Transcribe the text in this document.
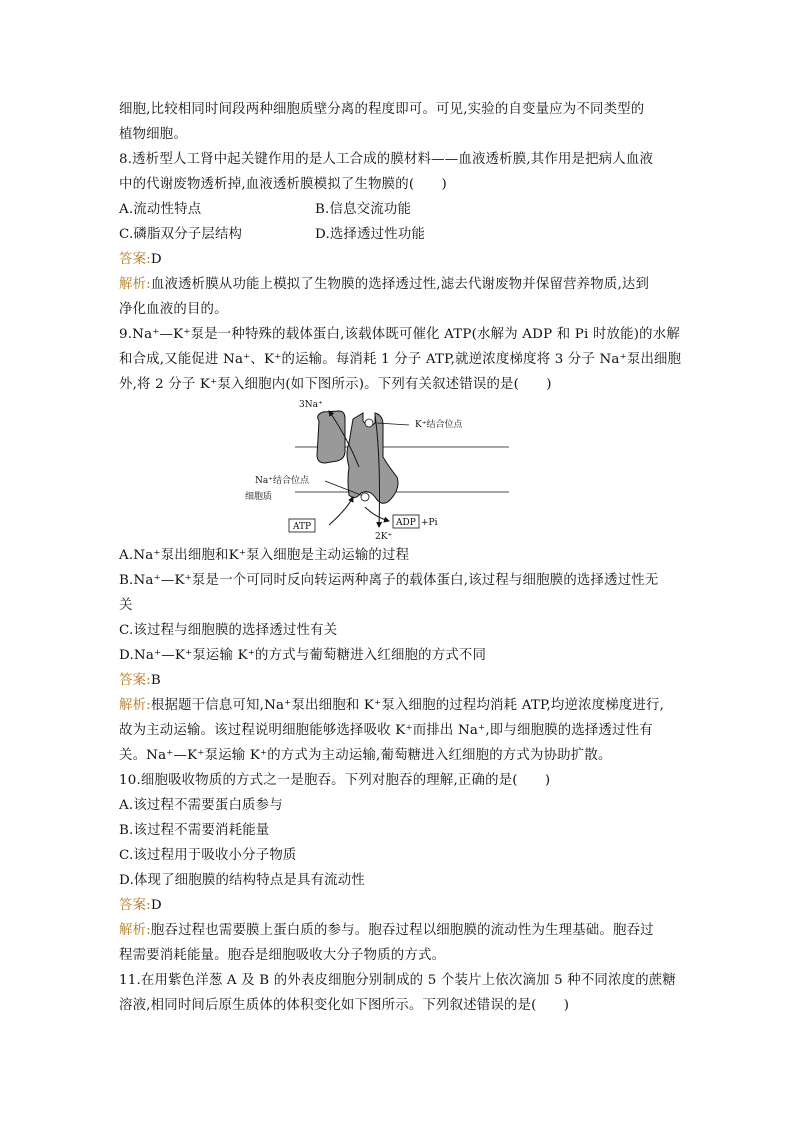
细胞,比较相同时间段两种细胞质壁分离的程度即可。可见,实验的自变量应为不同类型的
植物细胞。
8.透析型人工肾中起关键作用的是人工合成的膜材料——血液透析膜,其作用是把病人血液
中的代谢废物透析掉,血液透析膜模拟了生物膜的(　　)
A.流动性特点	B.信息交流功能
C.磷脂双分子层结构	D.选择透过性功能
答案:D
解析:血液透析膜从功能上模拟了生物膜的选择透过性,滤去代谢废物并保留营养物质,达到
净化血液的目的。
9.Na⁺—K⁺泵是一种特殊的载体蛋白,该载体既可催化 ATP(水解为 ADP 和 Pi 时放能)的水解
和合成,又能促进 Na⁺、K⁺的运输。每消耗 1 分子 ATP,就逆浓度梯度将 3 分子 Na⁺泵出细胞
外,将 2 分子 K⁺泵入细胞内(如下图所示)。下列有关叙述错误的是(　　)
3Na⁺
K⁺结合位点
Na⁺结合位点
细胞质
ATP	ADP +Pi
2K⁺
A.Na⁺泵出细胞和K⁺泵入细胞是主动运输的过程
B.Na⁺—K⁺泵是一个可同时反向转运两种离子的载体蛋白,该过程与细胞膜的选择透过性无
关
C.该过程与细胞膜的选择透过性有关
D.Na⁺—K⁺泵运输 K⁺的方式与葡萄糖进入红细胞的方式不同
答案:B
解析:根据题干信息可知,Na⁺泵出细胞和 K⁺泵入细胞的过程均消耗 ATP,均逆浓度梯度进行,
故为主动运输。该过程说明细胞能够选择吸收 K⁺而排出 Na⁺,即与细胞膜的选择透过性有
关。Na⁺—K⁺泵运输 K⁺的方式为主动运输,葡萄糖进入红细胞的方式为协助扩散。
10.细胞吸收物质的方式之一是胞吞。下列对胞吞的理解,正确的是(　　)
A.该过程不需要蛋白质参与
B.该过程不需要消耗能量
C.该过程用于吸收小分子物质
D.体现了细胞膜的结构特点是具有流动性
答案:D
解析:胞吞过程也需要膜上蛋白质的参与。胞吞过程以细胞膜的流动性为生理基础。胞吞过
程需要消耗能量。胞吞是细胞吸收大分子物质的方式。
11.在用紫色洋葱 A 及 B 的外表皮细胞分别制成的 5 个装片上依次滴加 5 种不同浓度的蔗糖
溶液,相同时间后原生质体的体积变化如下图所示。下列叙述错误的是(　　)
